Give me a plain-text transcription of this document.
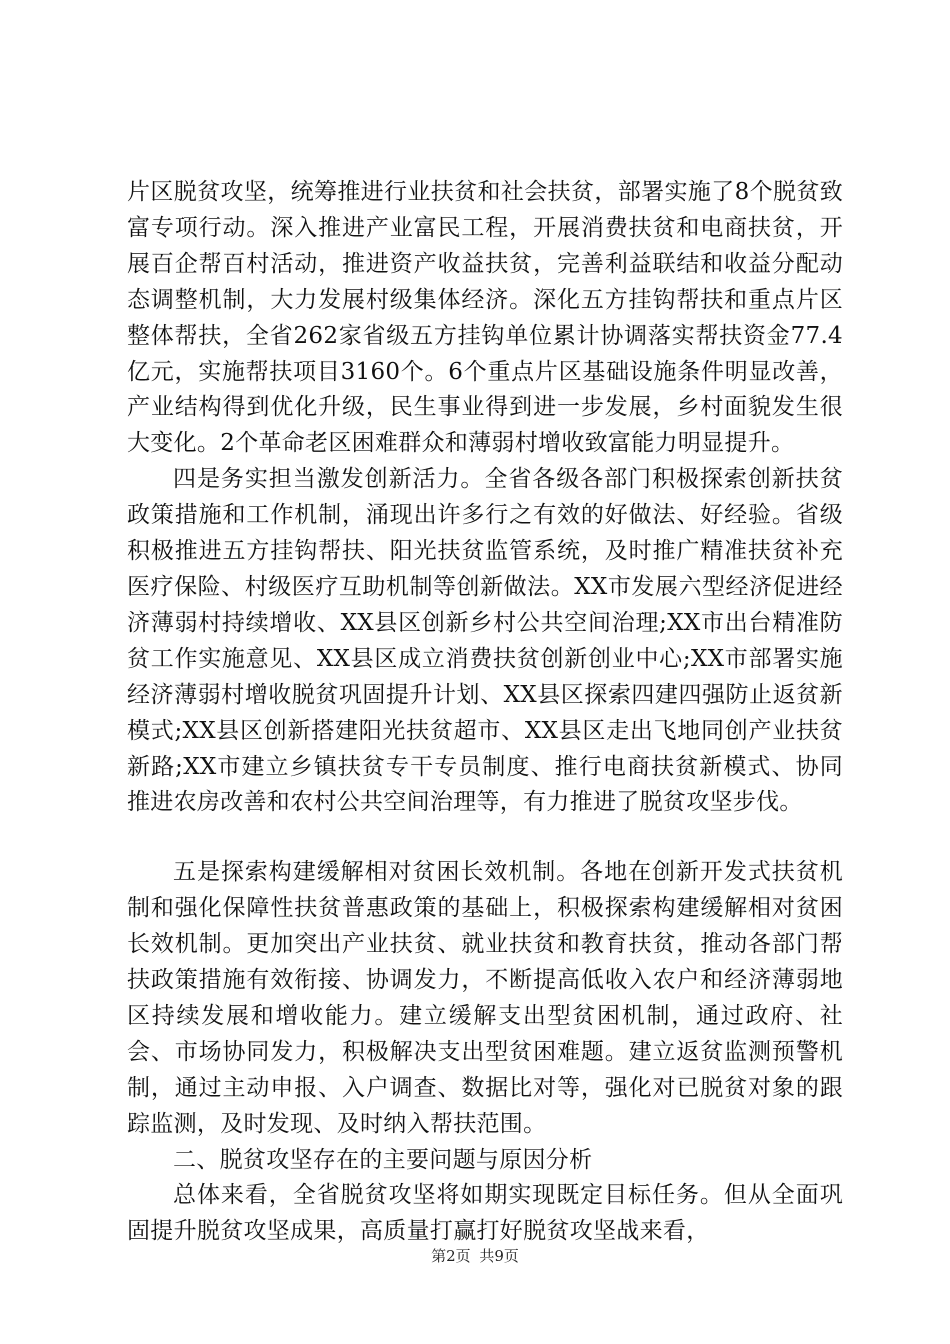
片区脱贫攻坚，统筹推进行业扶贫和社会扶贫，部署实施了8个脱贫致富专项行动。深入推进产业富民工程，开展消费扶贫和电商扶贫，开展百企帮百村活动，推进资产收益扶贫，完善利益联结和收益分配动态调整机制，大力发展村级集体经济。深化五方挂钩帮扶和重点片区整体帮扶，全省262家省级五方挂钩单位累计协调落实帮扶资金77.4亿元，实施帮扶项目3160个。6个重点片区基础设施条件明显改善，产业结构得到优化升级，民生事业得到进一步发展，乡村面貌发生很大变化。2个革命老区困难群众和薄弱村增收致富能力明显提升。

四是务实担当激发创新活力。全省各级各部门积极探索创新扶贫政策措施和工作机制，涌现出许多行之有效的好做法、好经验。省级积极推进五方挂钩帮扶、阳光扶贫监管系统，及时推广精准扶贫补充医疗保险、村级医疗互助机制等创新做法。XX市发展六型经济促进经济薄弱村持续增收、XX县区创新乡村公共空间治理;XX市出台精准防贫工作实施意见、XX县区成立消费扶贫创新创业中心;XX市部署实施经济薄弱村增收脱贫巩固提升计划、XX县区探索四建四强防止返贫新模式;XX县区创新搭建阳光扶贫超市、XX县区走出飞地同创产业扶贫新路;XX市建立乡镇扶贫专干专员制度、推行电商扶贫新模式、协同推进农房改善和农村公共空间治理等，有力推进了脱贫攻坚步伐。

五是探索构建缓解相对贫困长效机制。各地在创新开发式扶贫机制和强化保障性扶贫普惠政策的基础上，积极探索构建缓解相对贫困长效机制。更加突出产业扶贫、就业扶贫和教育扶贫，推动各部门帮扶政策措施有效衔接、协调发力，不断提高低收入农户和经济薄弱地区持续发展和增收能力。建立缓解支出型贫困机制，通过政府、社会、市场协同发力，积极解决支出型贫困难题。建立返贫监测预警机制，通过主动申报、入户调查、数据比对等，强化对已脱贫对象的跟踪监测，及时发现、及时纳入帮扶范围。

二、脱贫攻坚存在的主要问题与原因分析

总体来看，全省脱贫攻坚将如期实现既定目标任务。但从全面巩固提升脱贫攻坚成果，高质量打赢打好脱贫攻坚战来看，

第2页 共9页
